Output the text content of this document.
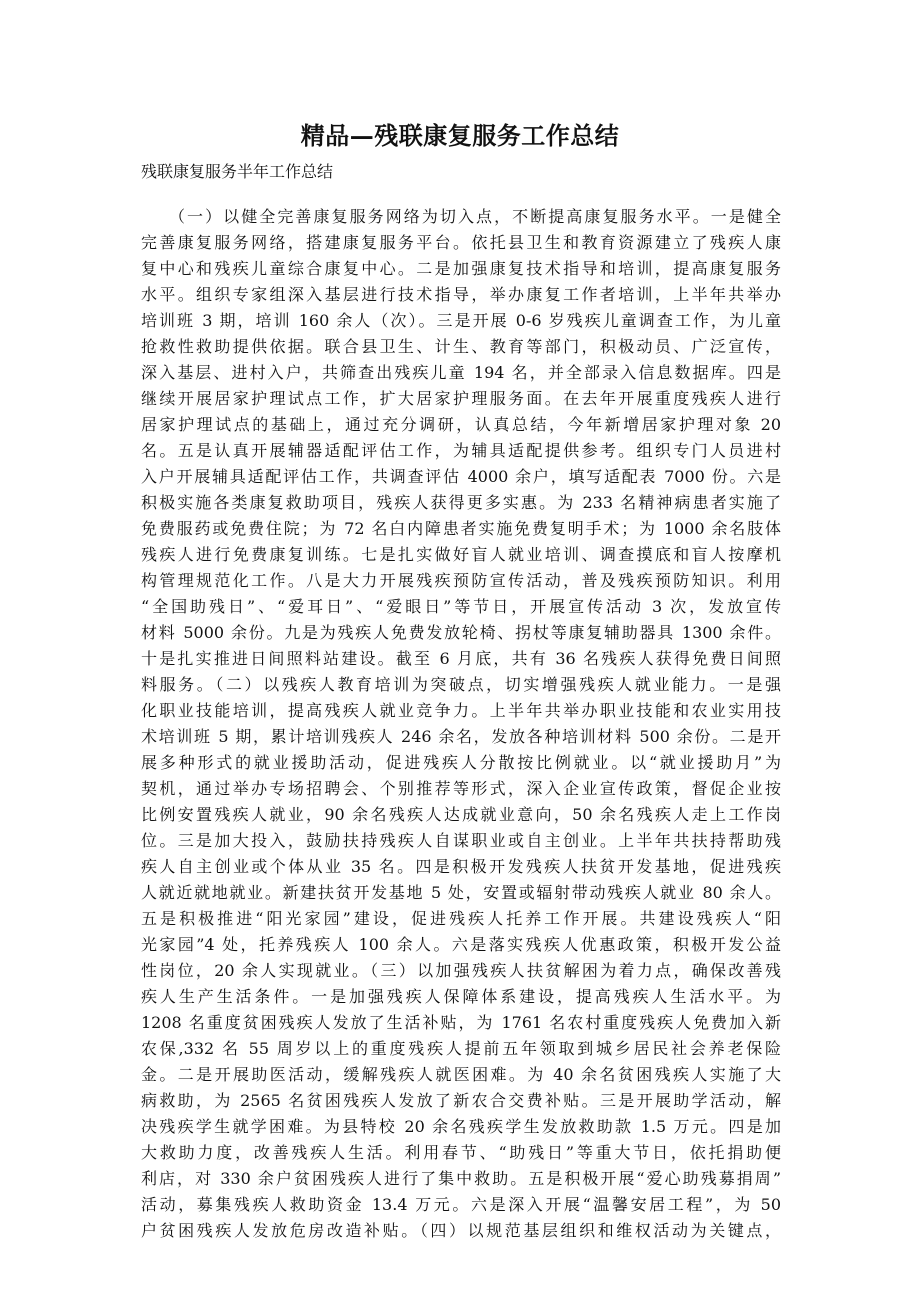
精品—残联康复服务工作总结
残联康复服务半年工作总结
（一）以健全完善康复服务网络为切入点，不断提高康复服务水平。一是健全
完善康复服务网络，搭建康复服务平台。依托县卫生和教育资源建立了残疾人康
复中心和残疾儿童综合康复中心。二是加强康复技术指导和培训，提高康复服务
水平。组织专家组深入基层进行技术指导，举办康复工作者培训，上半年共举办
培训班 3 期，培训 160 余人（次）。三是开展 0-6 岁残疾儿童调查工作，为儿童
抢救性救助提供依据。联合县卫生、计生、教育等部门，积极动员、广泛宣传，
深入基层、进村入户，共筛查出残疾儿童 194 名，并全部录入信息数据库。四是
继续开展居家护理试点工作，扩大居家护理服务面。在去年开展重度残疾人进行
居家护理试点的基础上，通过充分调研，认真总结，今年新增居家护理对象 20
名。五是认真开展辅器适配评估工作，为辅具适配提供参考。组织专门人员进村
入户开展辅具适配评估工作，共调查评估 4000 余户，填写适配表 7000 份。六是
积极实施各类康复救助项目，残疾人获得更多实惠。为 233 名精神病患者实施了
免费服药或免费住院；为 72 名白内障患者实施免费复明手术；为 1000 余名肢体
残疾人进行免费康复训练。七是扎实做好盲人就业培训、调查摸底和盲人按摩机
构管理规范化工作。八是大力开展残疾预防宣传活动，普及残疾预防知识。利用
“全国助残日”、“爱耳日”、“爱眼日”等节日，开展宣传活动 3 次，发放宣传
材料 5000 余份。九是为残疾人免费发放轮椅、拐杖等康复辅助器具 1300 余件。
十是扎实推进日间照料站建设。截至 6 月底，共有 36 名残疾人获得免费日间照
料服务。（二）以残疾人教育培训为突破点，切实增强残疾人就业能力。一是强
化职业技能培训，提高残疾人就业竞争力。上半年共举办职业技能和农业实用技
术培训班 5 期，累计培训残疾人 246 余名，发放各种培训材料 500 余份。二是开
展多种形式的就业援助活动，促进残疾人分散按比例就业。以“就业援助月”为
契机，通过举办专场招聘会、个别推荐等形式，深入企业宣传政策，督促企业按
比例安置残疾人就业，90 余名残疾人达成就业意向，50 余名残疾人走上工作岗
位。三是加大投入，鼓励扶持残疾人自谋职业或自主创业。上半年共扶持帮助残
疾人自主创业或个体从业 35 名。四是积极开发残疾人扶贫开发基地，促进残疾
人就近就地就业。新建扶贫开发基地 5 处，安置或辐射带动残疾人就业 80 余人。
五是积极推进“阳光家园”建设，促进残疾人托养工作开展。共建设残疾人“阳
光家园”4 处，托养残疾人 100 余人。六是落实残疾人优惠政策，积极开发公益
性岗位，20 余人实现就业。（三）以加强残疾人扶贫解困为着力点，确保改善残
疾人生产生活条件。一是加强残疾人保障体系建设，提高残疾人生活水平。为
1208 名重度贫困残疾人发放了生活补贴，为 1761 名农村重度残疾人免费加入新
农保,332 名 55 周岁以上的重度残疾人提前五年领取到城乡居民社会养老保险
金。二是开展助医活动，缓解残疾人就医困难。为 40 余名贫困残疾人实施了大
病救助，为 2565 名贫困残疾人发放了新农合交费补贴。三是开展助学活动，解
决残疾学生就学困难。为县特校 20 余名残疾学生发放救助款 1.5 万元。四是加
大救助力度，改善残疾人生活。利用春节、“助残日”等重大节日，依托捐助便
利店，对 330 余户贫困残疾人进行了集中救助。五是积极开展“爱心助残募捐周”
活动，募集残疾人救助资金 13.4 万元。六是深入开展“温馨安居工程”，为 50
户贫困残疾人发放危房改造补贴。（四）以规范基层组织和维权活动为关键点，
